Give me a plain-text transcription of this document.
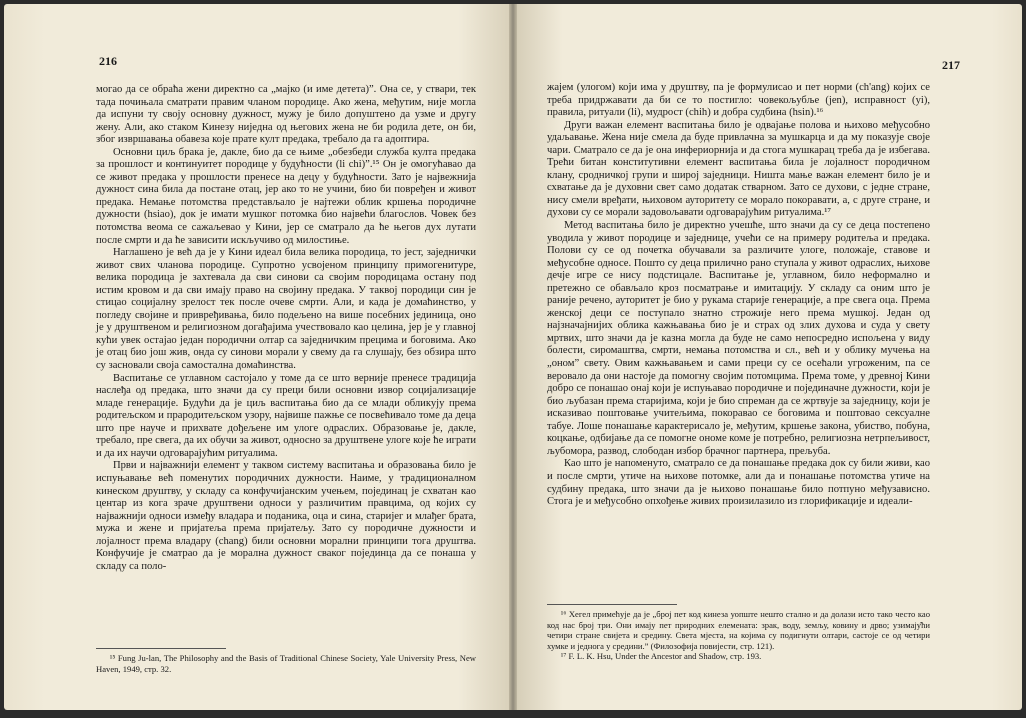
216

могао да се обраћа жени директно са „мајко (и име детета)”. Она се, у ствари, тек тада почињала сматрати правим чланом породице. Ако жена, међутим, није могла да испуни ту своју основну дужност, мужу је било допуштено да узме и другу жену. Али, ако стаком Кинезу ниједна од његових жена не би родила дете, он би, због извршавања обавеза које прате култ предака, требало да га адоптира.

Основни циљ брака је, дакле, био да се њиме „обезбеди служба култа предака за прошлост и континуитет породице у будућности (li chi)”.¹⁵ Он је омогућавао да се живот предака у прошлости пренесе на децу у будућности. Зато је највежнија дужност сина била да постане отац, јер ако то не учини, био би повређен и живот предака. Немање потомства представљало је најтежи облик кршења породичне дужности (hsiao), док је имати мушког потомка био највећи благослов. Човек без потомства веома се сажаљевао у Кини, јер се сматрало да ће његов дух лутати после смрти и да ће зависити искључиво од милостиње.

Наглашено је већ да је у Кини идеал била велика породица, то јест, заједнички живот свих чланова породице. Супротно усвојеном принципу примогенитуре, велика породица је захтевала да сви синови са својим породицама остану под истим кровом и да сви имају право на својину предака. У таквој породици син је стицао социјалну зрелост тек после очеве смрти. Али, и када је домаћинство, у погледу својине и привређивања, било подељено на више посебних јединица, оно је у друштвеном и религиозном догађајима учествовало као целина, јер је у главној кући увек остајао један породични олтар са заједничким прецима и боговима. Ако је отац био још жив, онда су синови морали у свему да га слушају, без обзира што су засновали своја самостална домаћинства.

Васпитање се углавном састојало у томе да се што верније пренесе традиција наслеђа од предака, што значи да су преци били основни извор социјализације младе генерације. Будући да је циљ васпитања био да се млади обликују према родитељском и прародитељском узору, највише пажње се посвећивало томе да деца што пре науче и прихвате дођељене им улоге одраслих. Образовање је, дакле, требало, пре свега, да их обучи за живот, односно за друштвене улоге које ће играти и да их научи одговарајућим ритуалима.

Први и најважнији елемент у таквом систему васпитања и образовања било је испуњавање већ поменутих породичних дужности. Наиме, у традиционалном кинеском друштву, у складу са конфучијанским учењем, појединац је схватан као центар из кога зраче друштвени односи у различитим правцима, од којих су најважнији односи између владара и поданика, оца и сина, старијег и млађег брата, мужа и жене и пријатеља према пријатељу. Зато су породичне дужности и лојалност према владару (chang) били основни морални принципи тога друштва. Конфучије је сматрао да је морална дужност сваког појединца да се понаша у складу са поло-

¹⁵ Fung Ju-lan, The Philosophy and the Basis of Traditional Chinese Society, Yale University Press, New Haven, 1949, стр. 32.

217

жајем (улогом) који има у друштву, па је формулисао и пет норми (ch'ang) којих се треба придржавати да би се то постигло: човекољубље (jen), исправност (yi), правила, ритуали (li), мудрост (chih) и добра судбина (hsin).¹⁶

Други важан елемент васпитања било је одвајање полова и њихово међусобно удаљавање. Жена није смела да буде привлачна за мушкарца и да му показује своје чари. Сматрало се да је она инфериорнија и да стога мушкарац треба да је избегава. Трећи битан конститутивни елемент васпитања била је лојалност породичном клану, сродничкој групи и широј заједници. Ништа мање важан елемент било је и схватање да је духовни свет само додатак стварном. Зато се духови, с једне стране, нису смели вређати, њиховом ауторитету се морало покоравати, а, с друге стране, и духови су се морали задовољавати одговарајућим ритуалима.¹⁷

Метод васпитања било је директно учешће, што значи да су се деца постепено уводила у живот породице и заједнице, учећи се на примеру родитеља и предака. Полови су се од почетка обучавали за различите улоге, положаје, ставове и међусобне односе. Пошто су деца прилично рано ступала у живот одраслих, њихове дечје игре се нису подстицале. Васпитање је, углавном, било неформално и претежно се обављало кроз посматрање и имитацију. У складу са оним што је раније речено, ауторитет је био у рукама старије генерације, а пре свега оца. Према женској деци се поступало знатно строжије него према мушкој. Један од најзначајнијих облика кажњавања био је и страх од злих духова и суда у свету мртвих, што значи да је казна могла да буде не само непосредно испољена у виду болести, сиромаштва, смрти, немања потомства и сл., већ и у облику мучења на „оном” свету. Овим кажњавањем и сами преци су се осећали угроженим, па се веровало да они настоје да помогну својим потомцима. Према томе, у древној Кини добро се понашао онај који је испуњавао породичне и појединачне дужности, који је био љубазан према старијима, који је био спреман да се жртвује за заједницу, који је исказивао поштовање учитељима, покоравао се боговима и поштовао сексуалне табуе. Лоше понашање карактерисало је, међутим, кршење закона, убиство, побуна, коцкање, одбијање да се помогне ономе коме је потребно, религиозна нетрпељивост, љубомора, развод, слободан избор брачног партнера, прељуба.

Као што је напоменуто, сматрало се да понашање предака док су били живи, као и после смрти, утиче на њихове потомке, али да и понашање потомства утиче на судбину предака, што значи да је њихово понашање било потпуно међузависно. Стога је и међусобно опхођење живих произилазило из глорификације и идеали-

¹⁶ Хегел примећује да је „број пет код кинеза уопште нешто стално и да долази исто тако често као код нас број три. Они имају пет природних елемената: зрак, воду, земљу, ковину и дрво; узимају̂ћи четири стране свијета и средину. Света мјеста, на којима су подигнути олтари, састоје се од четири хумке и једнога у средини.” (Филозофија повијести, стр. 121).

¹⁷ F. L. K. Hsu, Under the Ancestor and Shadow, стр. 193.
